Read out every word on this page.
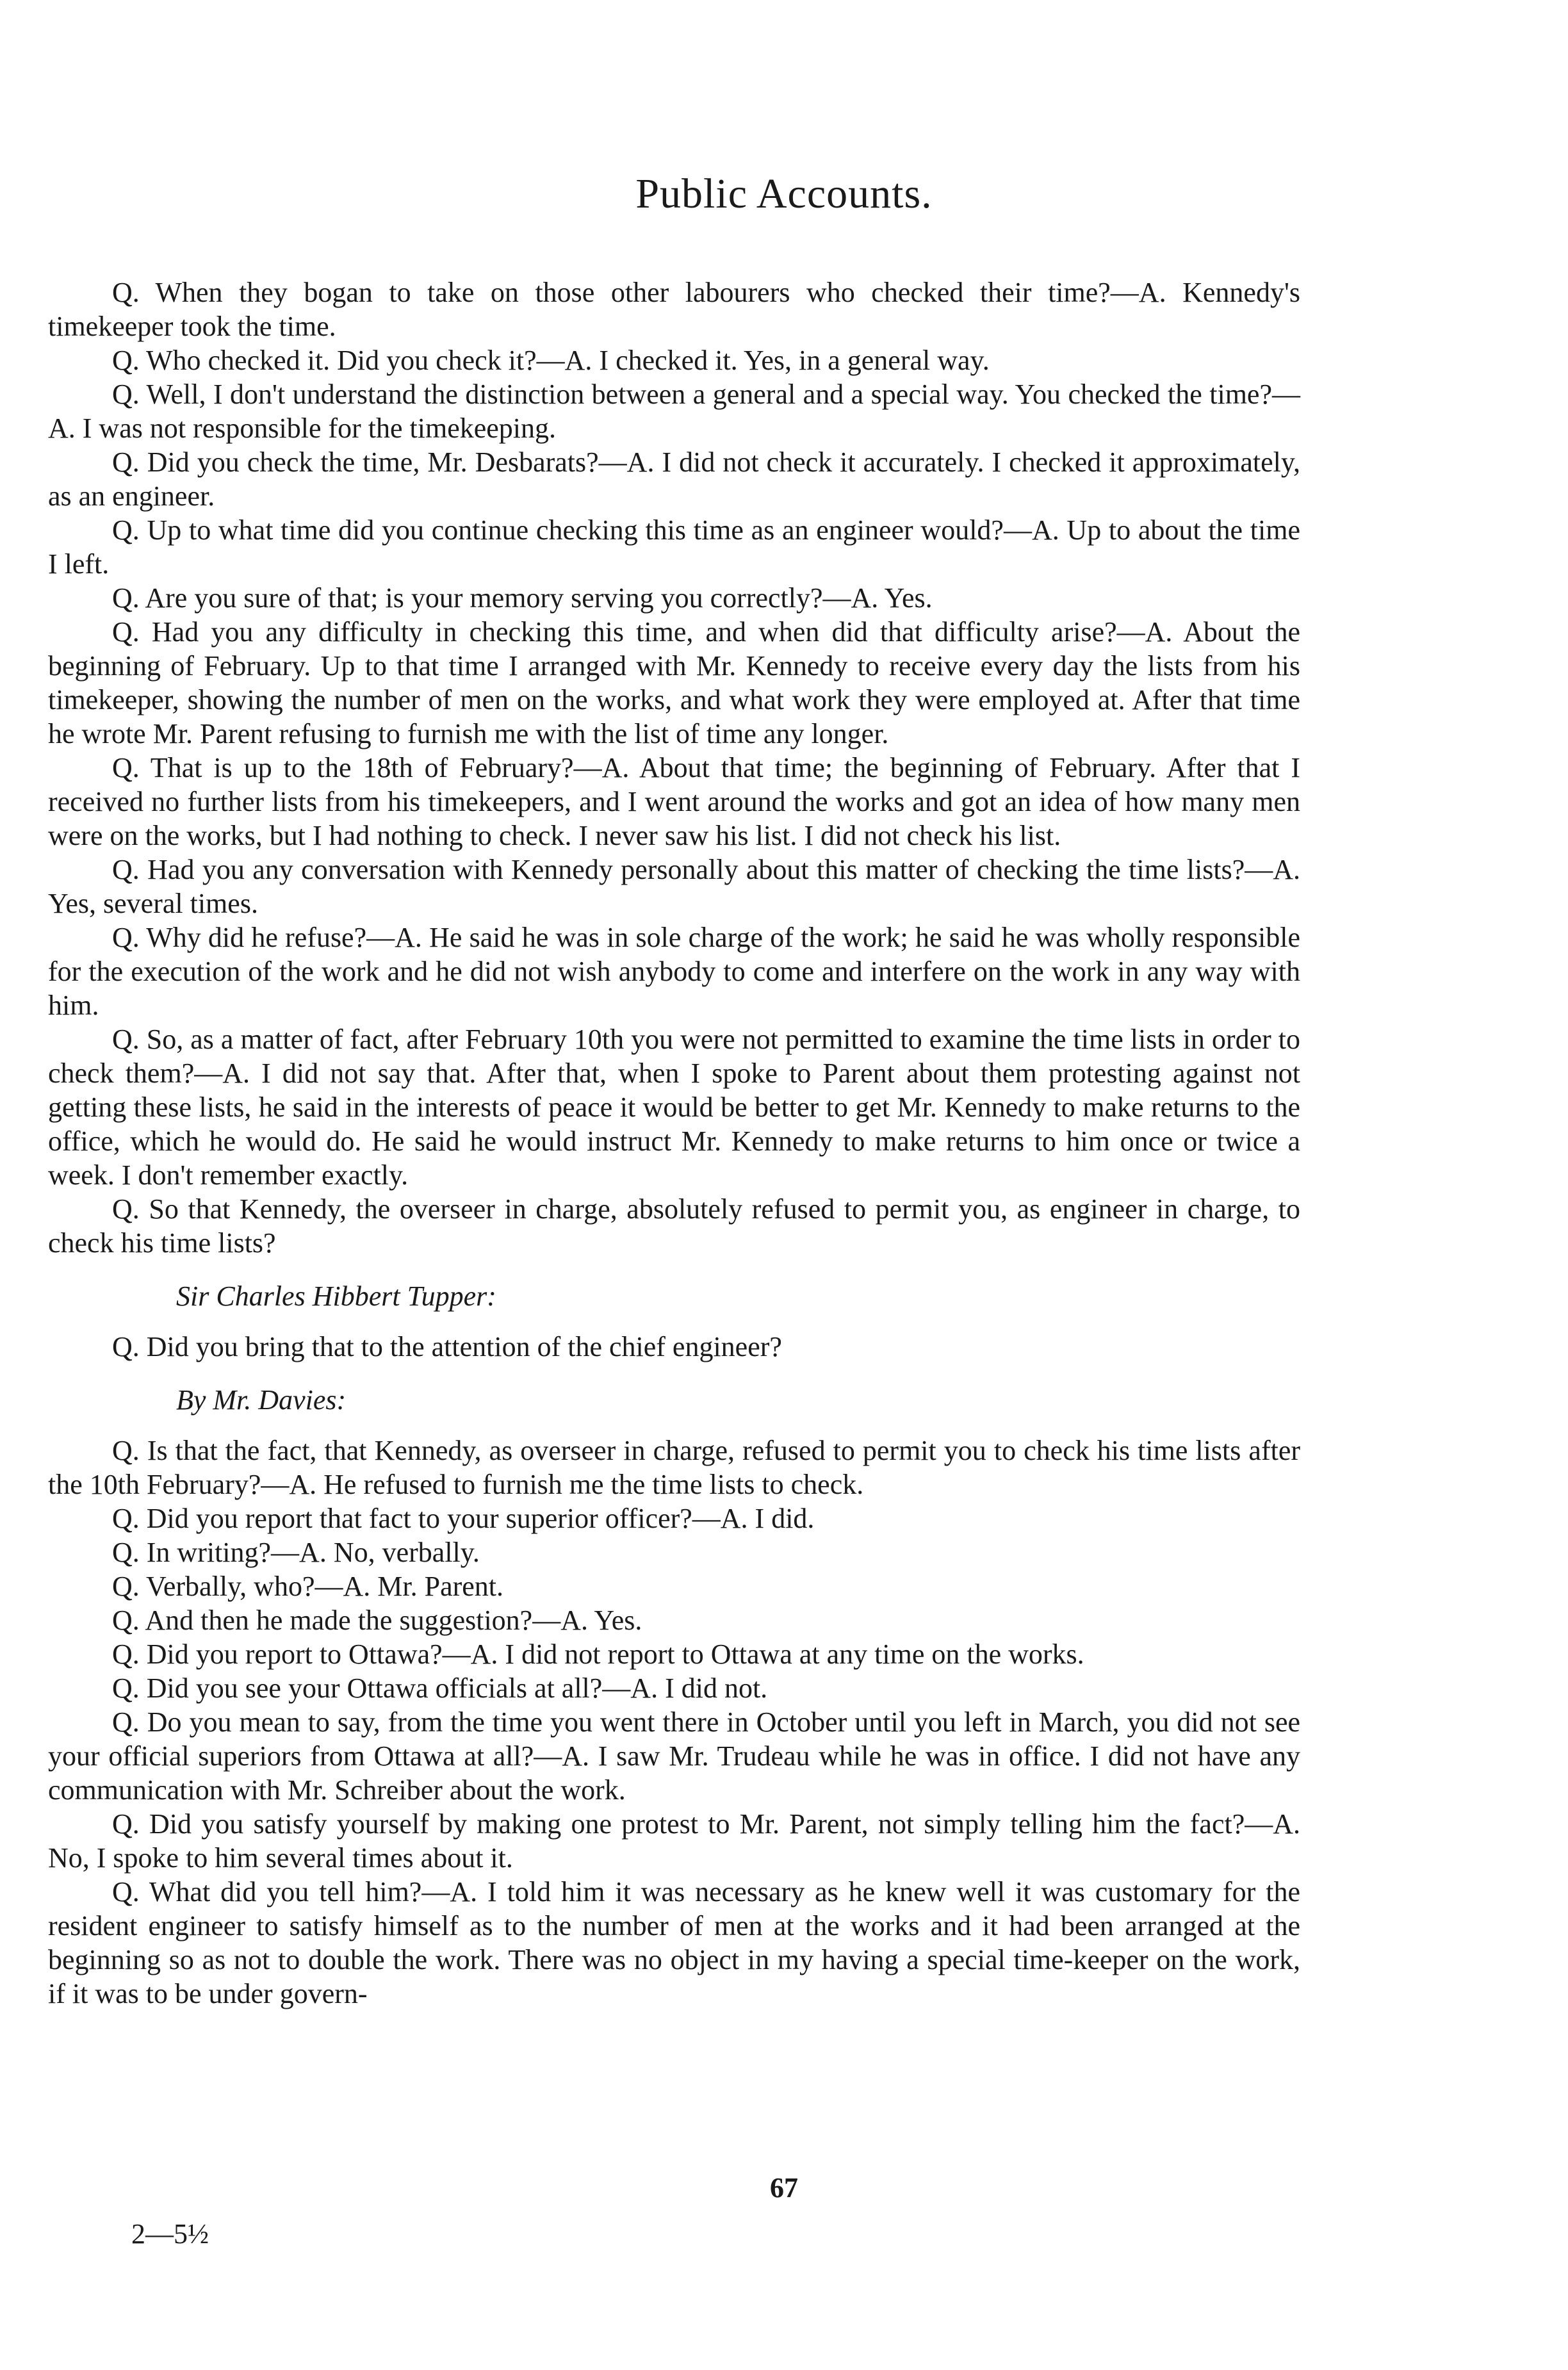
Public Accounts.

Q. When they bogan to take on those other labourers who checked their time?—A. Kennedy's timekeeper took the time.

Q. Who checked it. Did you check it?—A. I checked it. Yes, in a general way.

Q. Well, I don't understand the distinction between a general and a special way. You checked the time?—A. I was not responsible for the timekeeping.

Q. Did you check the time, Mr. Desbarats?—A. I did not check it accurately. I checked it approximately, as an engineer.

Q. Up to what time did you continue checking this time as an engineer would?—A. Up to about the time I left.

Q. Are you sure of that; is your memory serving you correctly?—A. Yes.

Q. Had you any difficulty in checking this time, and when did that difficulty arise?—A. About the beginning of February. Up to that time I arranged with Mr. Kennedy to receive every day the lists from his timekeeper, showing the number of men on the works, and what work they were employed at. After that time he wrote Mr. Parent refusing to furnish me with the list of time any longer.

Q. That is up to the 18th of February?—A. About that time; the beginning of February. After that I received no further lists from his timekeepers, and I went around the works and got an idea of how many men were on the works, but I had nothing to check. I never saw his list. I did not check his list.

Q. Had you any conversation with Kennedy personally about this matter of checking the time lists?—A. Yes, several times.

Q. Why did he refuse?—A. He said he was in sole charge of the work; he said he was wholly responsible for the execution of the work and he did not wish anybody to come and interfere on the work in any way with him.

Q. So, as a matter of fact, after February 10th you were not permitted to examine the time lists in order to check them?—A. I did not say that. After that, when I spoke to Parent about them protesting against not getting these lists, he said in the interests of peace it would be better to get Mr. Kennedy to make returns to the office, which he would do. He said he would instruct Mr. Kennedy to make returns to him once or twice a week. I don't remember exactly.

Q. So that Kennedy, the overseer in charge, absolutely refused to permit you, as engineer in charge, to check his time lists?

Sir Charles Hibbert Tupper:

Q. Did you bring that to the attention of the chief engineer?

By Mr. Davies:

Q. Is that the fact, that Kennedy, as overseer in charge, refused to permit you to check his time lists after the 10th February?—A. He refused to furnish me the time lists to check.

Q. Did you report that fact to your superior officer?—A. I did.

Q. In writing?—A. No, verbally.

Q. Verbally, who?—A. Mr. Parent.

Q. And then he made the suggestion?—A. Yes.

Q. Did you report to Ottawa?—A. I did not report to Ottawa at any time on the works.

Q. Did you see your Ottawa officials at all?—A. I did not.

Q. Do you mean to say, from the time you went there in October until you left in March, you did not see your official superiors from Ottawa at all?—A. I saw Mr. Trudeau while he was in office. I did not have any communication with Mr. Schreiber about the work.

Q. Did you satisfy yourself by making one protest to Mr. Parent, not simply telling him the fact?—A. No, I spoke to him several times about it.

Q. What did you tell him?—A. I told him it was necessary as he knew well it was customary for the resident engineer to satisfy himself as to the number of men at the works and it had been arranged at the beginning so as not to double the work. There was no object in my having a special time-keeper on the work, if it was to be under govern-

67
2—5½
